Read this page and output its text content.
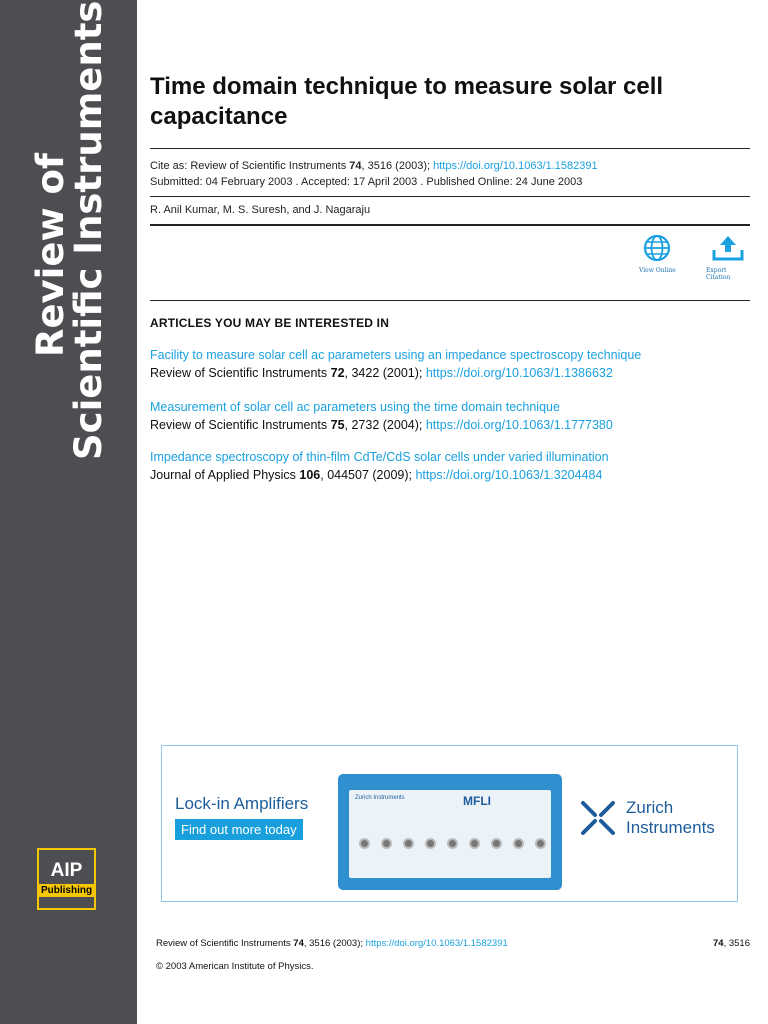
Review of
Scientific Instruments
AIP
Publishing
Time domain technique to measure solar cell capacitance
Cite as: Review of Scientific Instruments 74, 3516 (2003); https://doi.org/10.1063/1.1582391
Submitted: 04 February 2003 . Accepted: 17 April 2003 . Published Online: 24 June 2003
R. Anil Kumar, M. S. Suresh, and J. Nagaraju
View Online	Export Citation
ARTICLES YOU MAY BE INTERESTED IN
Facility to measure solar cell ac parameters using an impedance spectroscopy technique
Review of Scientific Instruments 72, 3422 (2001); https://doi.org/10.1063/1.1386632
Measurement of solar cell ac parameters using the time domain technique
Review of Scientific Instruments 75, 2732 (2004); https://doi.org/10.1063/1.1777380
Impedance spectroscopy of thin-film CdTe/CdS solar cells under varied illumination
Journal of Applied Physics 106, 044507 (2009); https://doi.org/10.1063/1.3204484
Lock-in Amplifiers
Find out more today
Zurich Instruments	MFLI	Zurich
Instruments
Review of Scientific Instruments 74, 3516 (2003); https://doi.org/10.1063/1.1582391	74, 3516
© 2003 American Institute of Physics.
